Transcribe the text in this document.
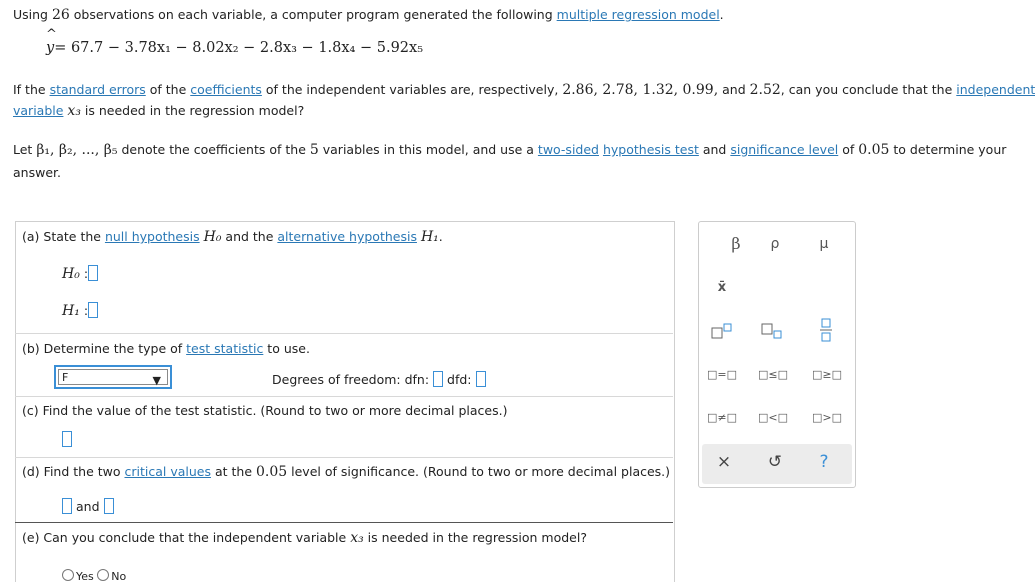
Using 26 observations on each variable, a computer program generated the following multiple regression model.
^
y= 67.7 − 3.78x₁ − 8.02x₂ − 2.8x₃ − 1.8x₄ − 5.92x₅
If the standard errors of the coefficients of the independent variables are, respectively, 2.86, 2.78, 1.32, 0.99, and 2.52, can you conclude that the independent
variable x₃ is needed in the regression model?
Let β₁, β₂, ..., β₅ denote the coefficients of the 5 variables in this model, and use a two-sided hypothesis test and significance level of 0.05 to determine your
answer.
(a) State the null hypothesis H₀ and the alternative hypothesis H₁.
H₀ :
H₁ :
(b) Determine the type of test statistic to use.
F	▼	Degrees of freedom: dfn: dfd:
(c) Find the value of the test statistic. (Round to two or more decimal places.)
(d) Find the two critical values at the 0.05 level of significance. (Round to two or more decimal places.)
and
(e) Can you conclude that the independent variable x₃ is needed in the regression model?
Yes No
β	ρ	μ
x̄
□=□	□≤□	□≥□
□≠□	□<□	□>□
× ↺	?
